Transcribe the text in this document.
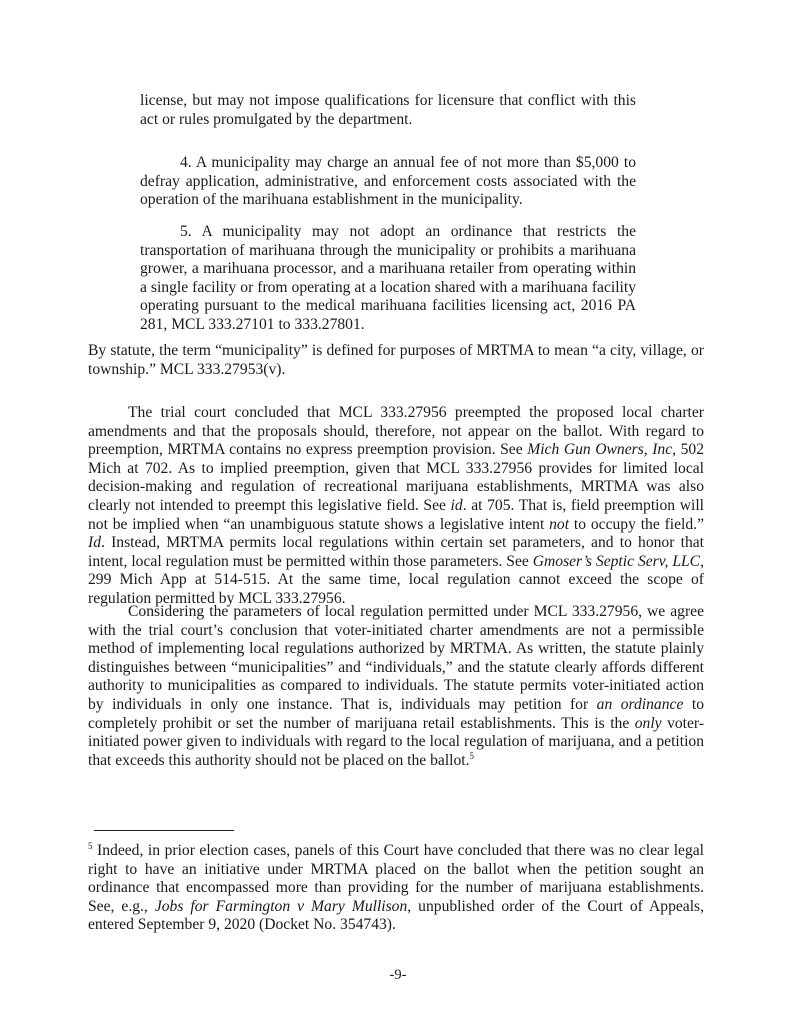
license, but may not impose qualifications for licensure that conflict with this act or rules promulgated by the department.

4. A municipality may charge an annual fee of not more than $5,000 to defray application, administrative, and enforcement costs associated with the operation of the marihuana establishment in the municipality.

5. A municipality may not adopt an ordinance that restricts the transportation of marihuana through the municipality or prohibits a marihuana grower, a marihuana processor, and a marihuana retailer from operating within a single facility or from operating at a location shared with a marihuana facility operating pursuant to the medical marihuana facilities licensing act, 2016 PA 281, MCL 333.27101 to 333.27801.

By statute, the term “municipality” is defined for purposes of MRTMA to mean “a city, village, or township.” MCL 333.27953(v).

The trial court concluded that MCL 333.27956 preempted the proposed local charter amendments and that the proposals should, therefore, not appear on the ballot. With regard to preemption, MRTMA contains no express preemption provision. See Mich Gun Owners, Inc, 502 Mich at 702. As to implied preemption, given that MCL 333.27956 provides for limited local decision-making and regulation of recreational marijuana establishments, MRTMA was also clearly not intended to preempt this legislative field. See id. at 705. That is, field preemption will not be implied when “an unambiguous statute shows a legislative intent not to occupy the field.” Id. Instead, MRTMA permits local regulations within certain set parameters, and to honor that intent, local regulation must be permitted within those parameters. See Gmoser’s Septic Serv, LLC, 299 Mich App at 514-515. At the same time, local regulation cannot exceed the scope of regulation permitted by MCL 333.27956.

Considering the parameters of local regulation permitted under MCL 333.27956, we agree with the trial court’s conclusion that voter-initiated charter amendments are not a permissible method of implementing local regulations authorized by MRTMA. As written, the statute plainly distinguishes between “municipalities” and “individuals,” and the statute clearly affords different authority to municipalities as compared to individuals. The statute permits voter-initiated action by individuals in only one instance. That is, individuals may petition for an ordinance to completely prohibit or set the number of marijuana retail establishments. This is the only voter-initiated power given to individuals with regard to the local regulation of marijuana, and a petition that exceeds this authority should not be placed on the ballot.$^5$

$^5$ Indeed, in prior election cases, panels of this Court have concluded that there was no clear legal right to have an initiative under MRTMA placed on the ballot when the petition sought an ordinance that encompassed more than providing for the number of marijuana establishments. See, e.g., Jobs for Farmington v Mary Mullison, unpublished order of the Court of Appeals, entered September 9, 2020 (Docket No. 354743).

-9-
